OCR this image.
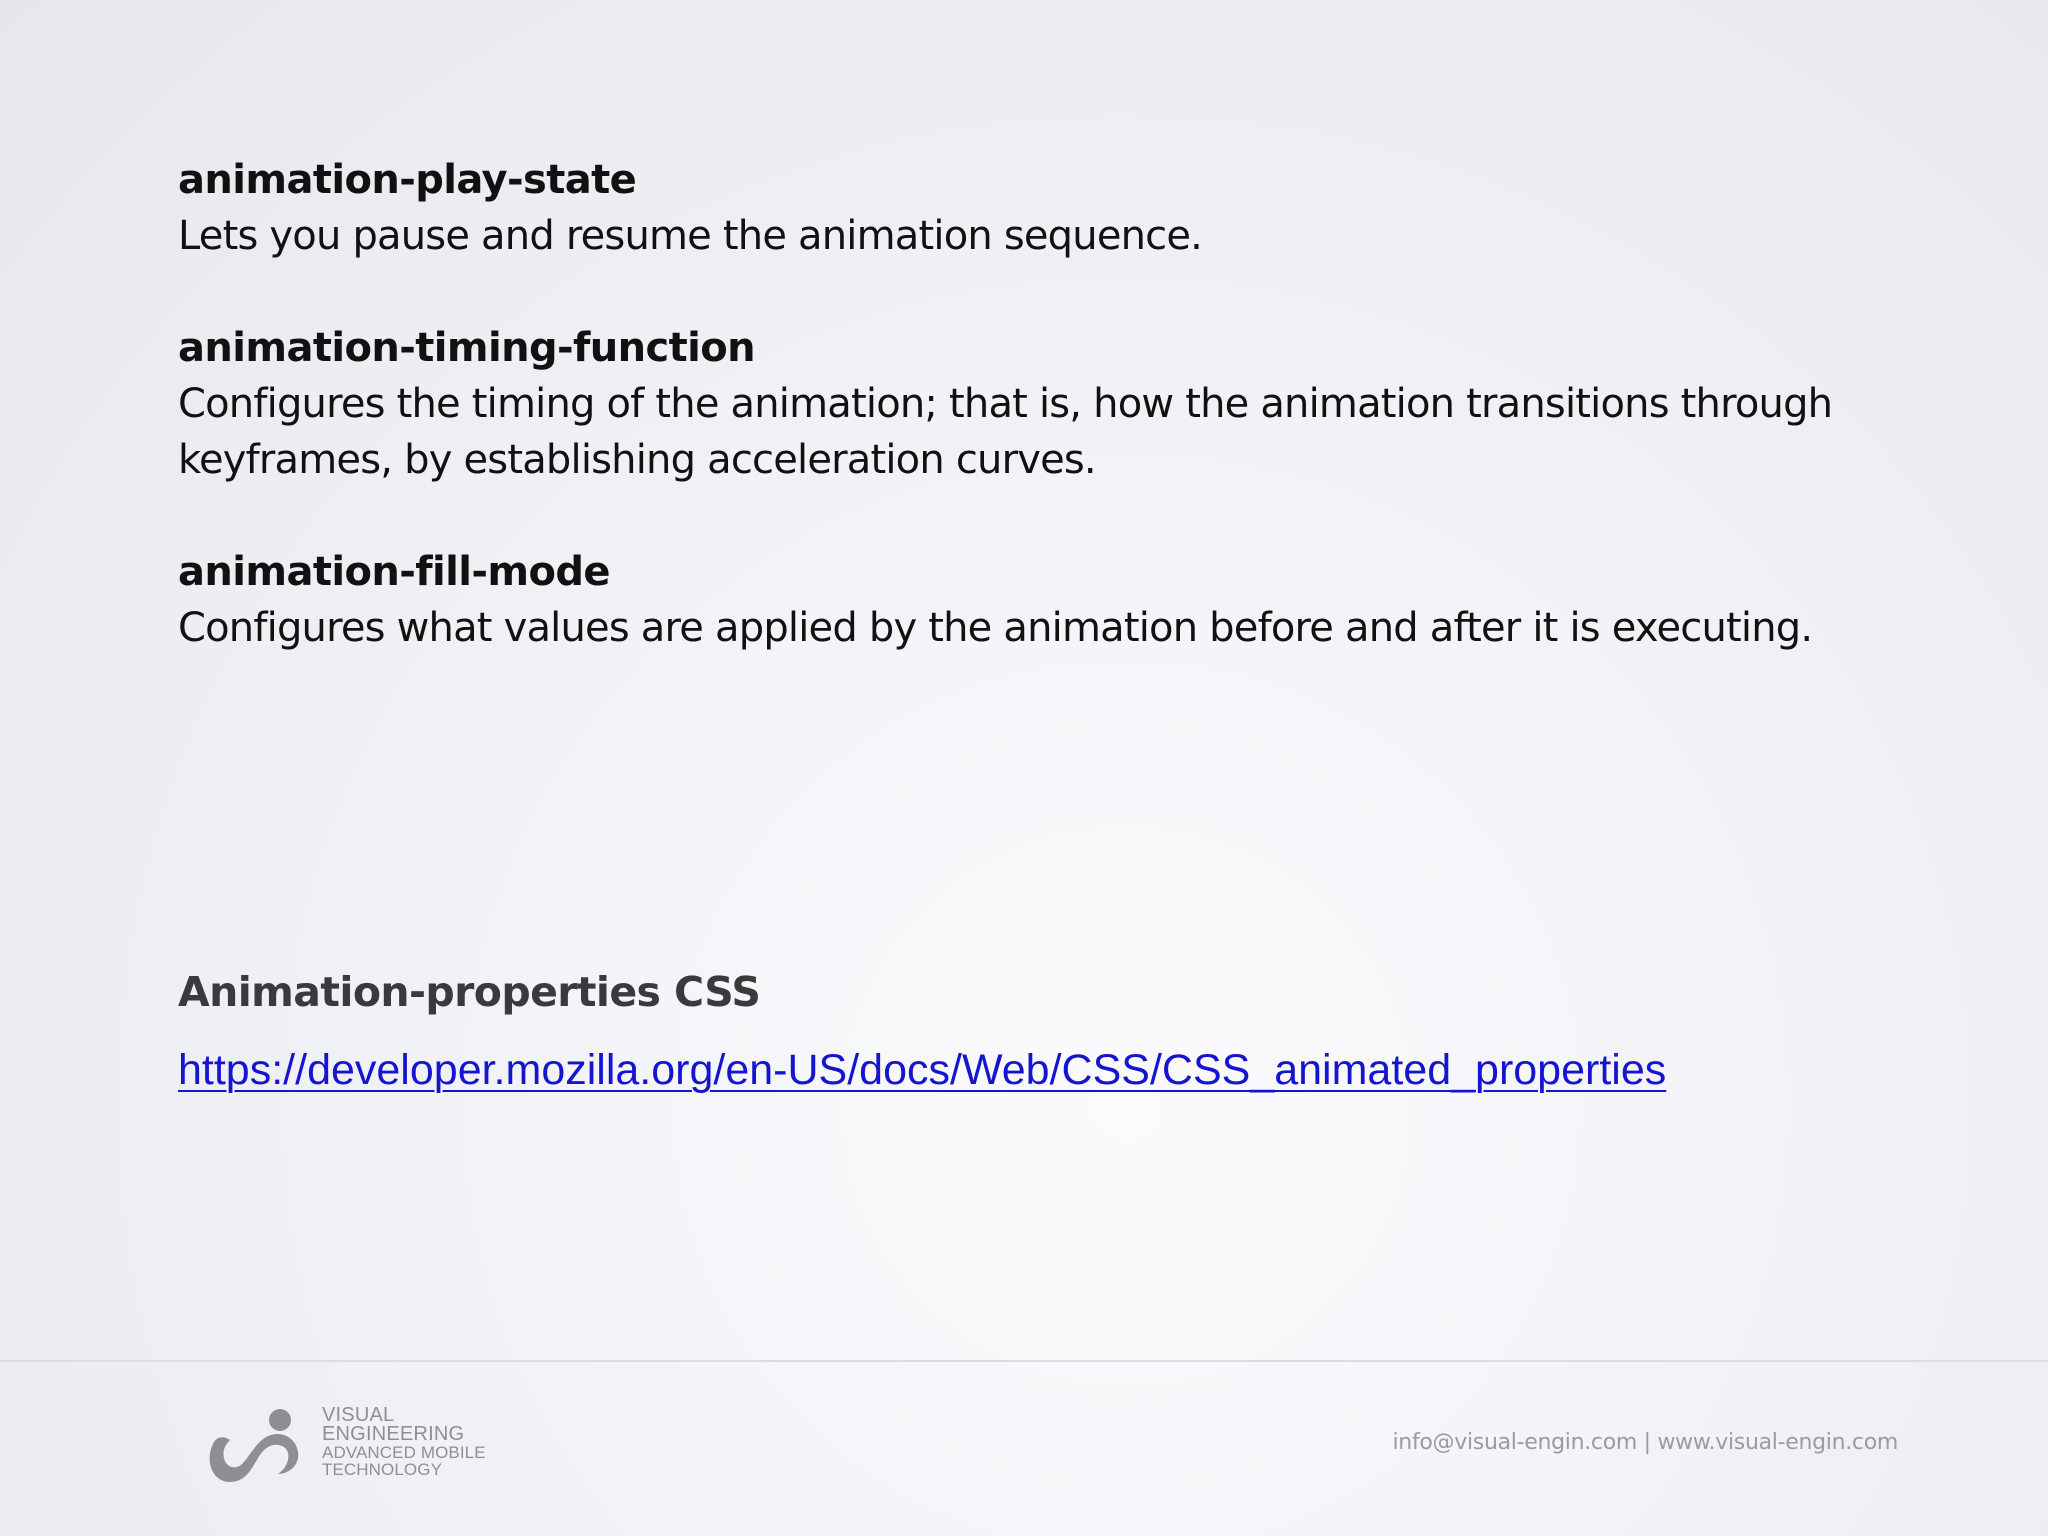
animation-play-state
Lets you pause and resume the animation sequence.
animation-timing-function
Configures the timing of the animation; that is, how the animation transitions through keyframes, by establishing acceleration curves.
animation-fill-mode
Configures what values are applied by the animation before and after it is executing.
Animation-properties CSS
https://developer.mozilla.org/en-US/docs/Web/CSS/CSS_animated_properties
VISUAL
ENGINEERING
ADVANCED MOBILE
TECHNOLOGY
info@visual-engin.com | www.visual-engin.com
